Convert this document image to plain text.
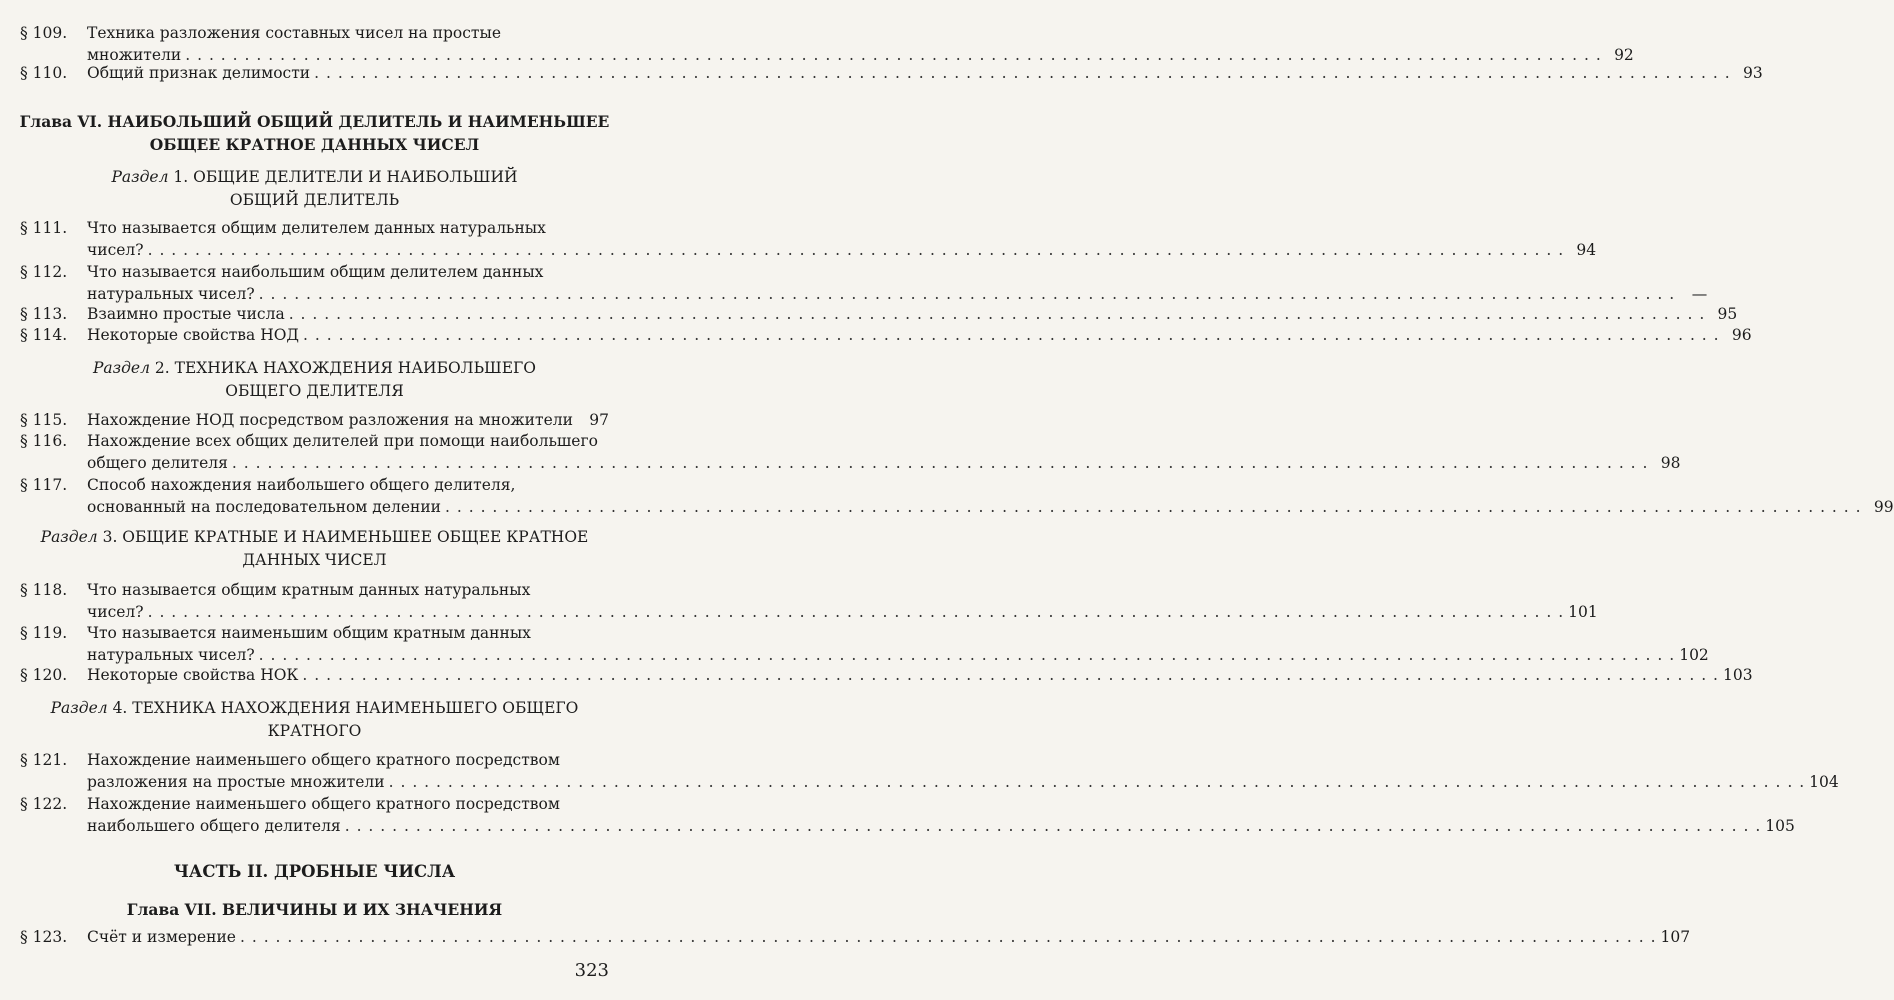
§ 109. Техника разложения составных чисел на простые
множители . . . . . . . . . . . . . . . . . . . . . . . . . . . . . . . . . . . . . . . . . . . . . . . . . . . . . . . . . . . . . . . . . . . . . . . . . . . . . . . . . . . . . . . . . . . . . . . . . . . . . . . . . . . . . . . . . . . . . . . . 92
§ 110. Общий признак делимости . . . . . . . . . . . . . . . . . . . . . . . . . . . . . . . . . . . . . . . . . . . . . . . . . . . . . . . . . . . . . . . . . . . . . . . . . . . . . . . . . . . . . . . . . . . . . . . . . . . . . . . . . . . . . . . . . . . . . . . . 93
Глава VI. НАИБОЛЬШИЙ ОБЩИЙ ДЕЛИТЕЛЬ И НАИМЕНЬШЕЕ
ОБЩЕЕ КРАТНОЕ ДАННЫХ ЧИСЕЛ
Раздел 1. ОБЩИЕ ДЕЛИТЕЛИ И НАИБОЛЬШИЙ
ОБЩИЙ ДЕЛИТЕЛЬ
§ 111. Что называется общим делителем данных натуральных
чисел? . . . . . . . . . . . . . . . . . . . . . . . . . . . . . . . . . . . . . . . . . . . . . . . . . . . . . . . . . . . . . . . . . . . . . . . . . . . . . . . . . . . . . . . . . . . . . . . . . . . . . . . . . . . . . . . . . . . . . . . . 94
§ 112. Что называется наибольшим общим делителем данных
натуральных чисел? . . . . . . . . . . . . . . . . . . . . . . . . . . . . . . . . . . . . . . . . . . . . . . . . . . . . . . . . . . . . . . . . . . . . . . . . . . . . . . . . . . . . . . . . . . . . . . . . . . . . . . . . . . . . . . . . . . . . . . . .	—
§ 113. Взаимно простые числа . . . . . . . . . . . . . . . . . . . . . . . . . . . . . . . . . . . . . . . . . . . . . . . . . . . . . . . . . . . . . . . . . . . . . . . . . . . . . . . . . . . . . . . . . . . . . . . . . . . . . . . . . . . . . . . . . . . . . . . . 95
§ 114. Некоторые свойства НОД . . . . . . . . . . . . . . . . . . . . . . . . . . . . . . . . . . . . . . . . . . . . . . . . . . . . . . . . . . . . . . . . . . . . . . . . . . . . . . . . . . . . . . . . . . . . . . . . . . . . . . . . . . . . . . . . . . . . . . . . 96
Раздел 2. ТЕХНИКА НАХОЖДЕНИЯ НАИБОЛЬШЕГО
ОБЩЕГО ДЕЛИТЕЛЯ
§ 115. Нахождение НОД посредством разложения на множители	97
§ 116. Нахождение всех общих делителей при помощи наибольшего
общего делителя . . . . . . . . . . . . . . . . . . . . . . . . . . . . . . . . . . . . . . . . . . . . . . . . . . . . . . . . . . . . . . . . . . . . . . . . . . . . . . . . . . . . . . . . . . . . . . . . . . . . . . . . . . . . . . . . . . . . . . . . 98
§ 117. Способ нахождения наибольшего общего делителя,
основанный на последовательном делении . . . . . . . . . . . . . . . . . . . . . . . . . . . . . . . . . . . . . . . . . . . . . . . . . . . . . . . . . . . . . . . . . . . . . . . . . . . . . . . . . . . . . . . . . . . . . . . . . . . . . . . . . . . . . . . . . . . . . . . . 99
Раздел 3. ОБЩИЕ КРАТНЫЕ И НАИМЕНЬШЕЕ ОБЩЕЕ КРАТНОЕ
ДАННЫХ ЧИСЕЛ
§ 118. Что называется общим кратным данных натуральных
чисел? . . . . . . . . . . . . . . . . . . . . . . . . . . . . . . . . . . . . . . . . . . . . . . . . . . . . . . . . . . . . . . . . . . . . . . . . . . . . . . . . . . . . . . . . . . . . . . . . . . . . . . . . . . . . . . . . . . . . . . . . 101
§ 119. Что называется наименьшим общим кратным данных
натуральных чисел? . . . . . . . . . . . . . . . . . . . . . . . . . . . . . . . . . . . . . . . . . . . . . . . . . . . . . . . . . . . . . . . . . . . . . . . . . . . . . . . . . . . . . . . . . . . . . . . . . . . . . . . . . . . . . . . . . . . . . . . . 102
§ 120. Некоторые свойства НОК . . . . . . . . . . . . . . . . . . . . . . . . . . . . . . . . . . . . . . . . . . . . . . . . . . . . . . . . . . . . . . . . . . . . . . . . . . . . . . . . . . . . . . . . . . . . . . . . . . . . . . . . . . . . . . . . . . . . . . . . 103
Раздел 4. ТЕХНИКА НАХОЖДЕНИЯ НАИМЕНЬШЕГО ОБЩЕГО
КРАТНОГО
§ 121. Нахождение наименьшего общего кратного посредством
разложения на простые множители . . . . . . . . . . . . . . . . . . . . . . . . . . . . . . . . . . . . . . . . . . . . . . . . . . . . . . . . . . . . . . . . . . . . . . . . . . . . . . . . . . . . . . . . . . . . . . . . . . . . . . . . . . . . . . . . . . . . . . . . 104
§ 122. Нахождение наименьшего общего кратного посредством
наибольшего общего делителя . . . . . . . . . . . . . . . . . . . . . . . . . . . . . . . . . . . . . . . . . . . . . . . . . . . . . . . . . . . . . . . . . . . . . . . . . . . . . . . . . . . . . . . . . . . . . . . . . . . . . . . . . . . . . . . . . . . . . . . . 105
ЧАСТЬ II. ДРОБНЫЕ ЧИСЛА
Глава VII. ВЕЛИЧИНЫ И ИХ ЗНАЧЕНИЯ
§ 123. Счёт и измерение . . . . . . . . . . . . . . . . . . . . . . . . . . . . . . . . . . . . . . . . . . . . . . . . . . . . . . . . . . . . . . . . . . . . . . . . . . . . . . . . . . . . . . . . . . . . . . . . . . . . . . . . . . . . . . . . . . . . . . . . 107
323
